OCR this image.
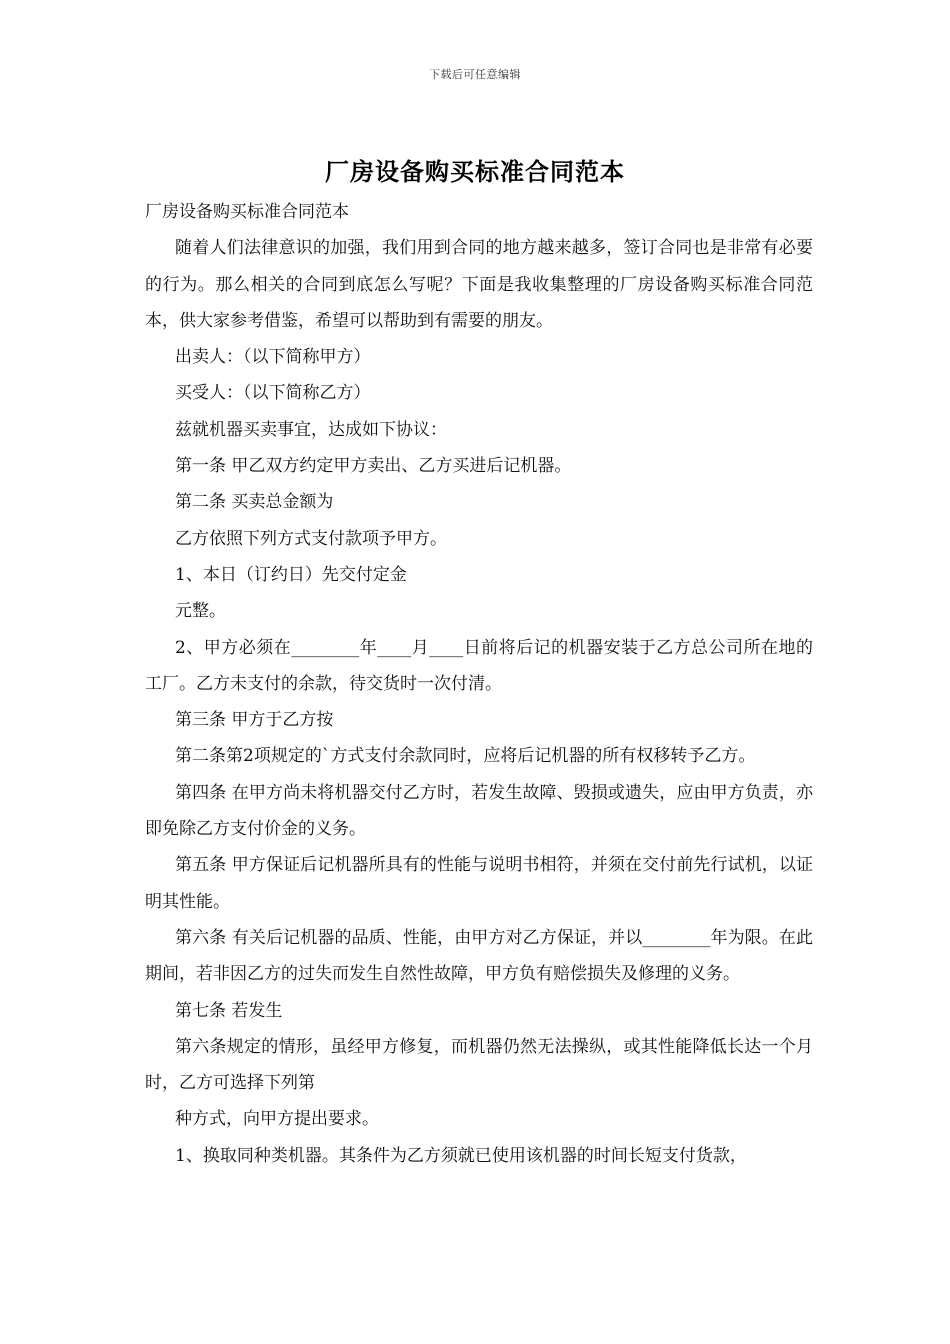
下载后可任意编辑
厂房设备购买标准合同范本

厂房设备购买标准合同范本

随着人们法律意识的加强，我们用到合同的地方越来越多，签订合同也是非常有必要的行为。那么相关的合同到底怎么写呢？下面是我收集整理的厂房设备购买标准合同范本，供大家参考借鉴，希望可以帮助到有需要的朋友。

出卖人：（以下简称甲方）

买受人：（以下简称乙方）

兹就机器买卖事宜，达成如下协议：

第一条 甲乙双方约定甲方卖出、乙方买进后记机器。

第二条 买卖总金额为

乙方依照下列方式支付款项予甲方。

1、本日（订约日）先交付定金

元整。

2、甲方必须在________年____月____日前将后记的机器安装于乙方总公司所在地的工厂。乙方未支付的余款，待交货时一次付清。

第三条 甲方于乙方按

第二条第2项规定的`方式支付余款同时，应将后记机器的所有权移转予乙方。

第四条 在甲方尚未将机器交付乙方时，若发生故障、毁损或遗失，应由甲方负责，亦即免除乙方支付价金的义务。

第五条 甲方保证后记机器所具有的性能与说明书相符，并须在交付前先行试机，以证明其性能。

第六条 有关后记机器的品质、性能，由甲方对乙方保证，并以________年为限。在此期间，若非因乙方的过失而发生自然性故障，甲方负有赔偿损失及修理的义务。

第七条 若发生

第六条规定的情形，虽经甲方修复，而机器仍然无法操纵，或其性能降低长达一个月时，乙方可选择下列第

种方式，向甲方提出要求。

1、换取同种类机器。其条件为乙方须就已使用该机器的时间长短支付货款，
